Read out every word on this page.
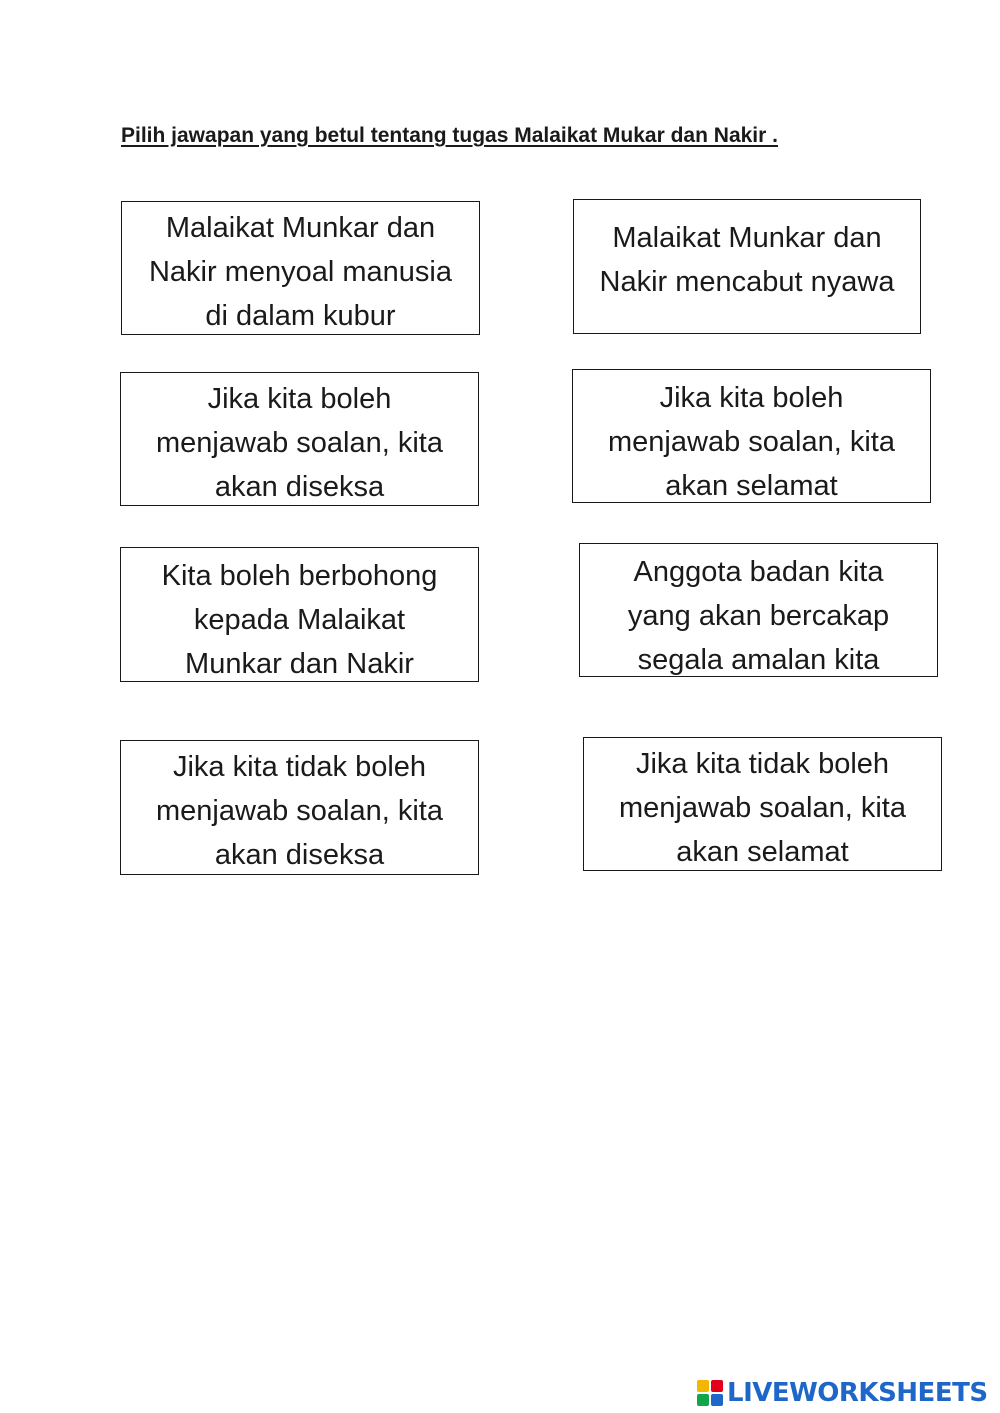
Pilih jawapan yang betul tentang tugas Malaikat Mukar dan Nakir .
Malaikat Munkar dan
Nakir menyoal manusia
di dalam kubur
Malaikat Munkar dan
Nakir mencabut nyawa
Jika kita boleh
menjawab soalan, kita
akan diseksa
Jika kita boleh
menjawab soalan, kita
akan selamat
Kita boleh berbohong
kepada Malaikat
Munkar dan Nakir
Anggota badan kita
yang akan bercakap
segala amalan kita
Jika kita tidak boleh
menjawab soalan, kita
akan diseksa
Jika kita tidak boleh
menjawab soalan, kita
akan selamat
LIVEWORKSHEETS
